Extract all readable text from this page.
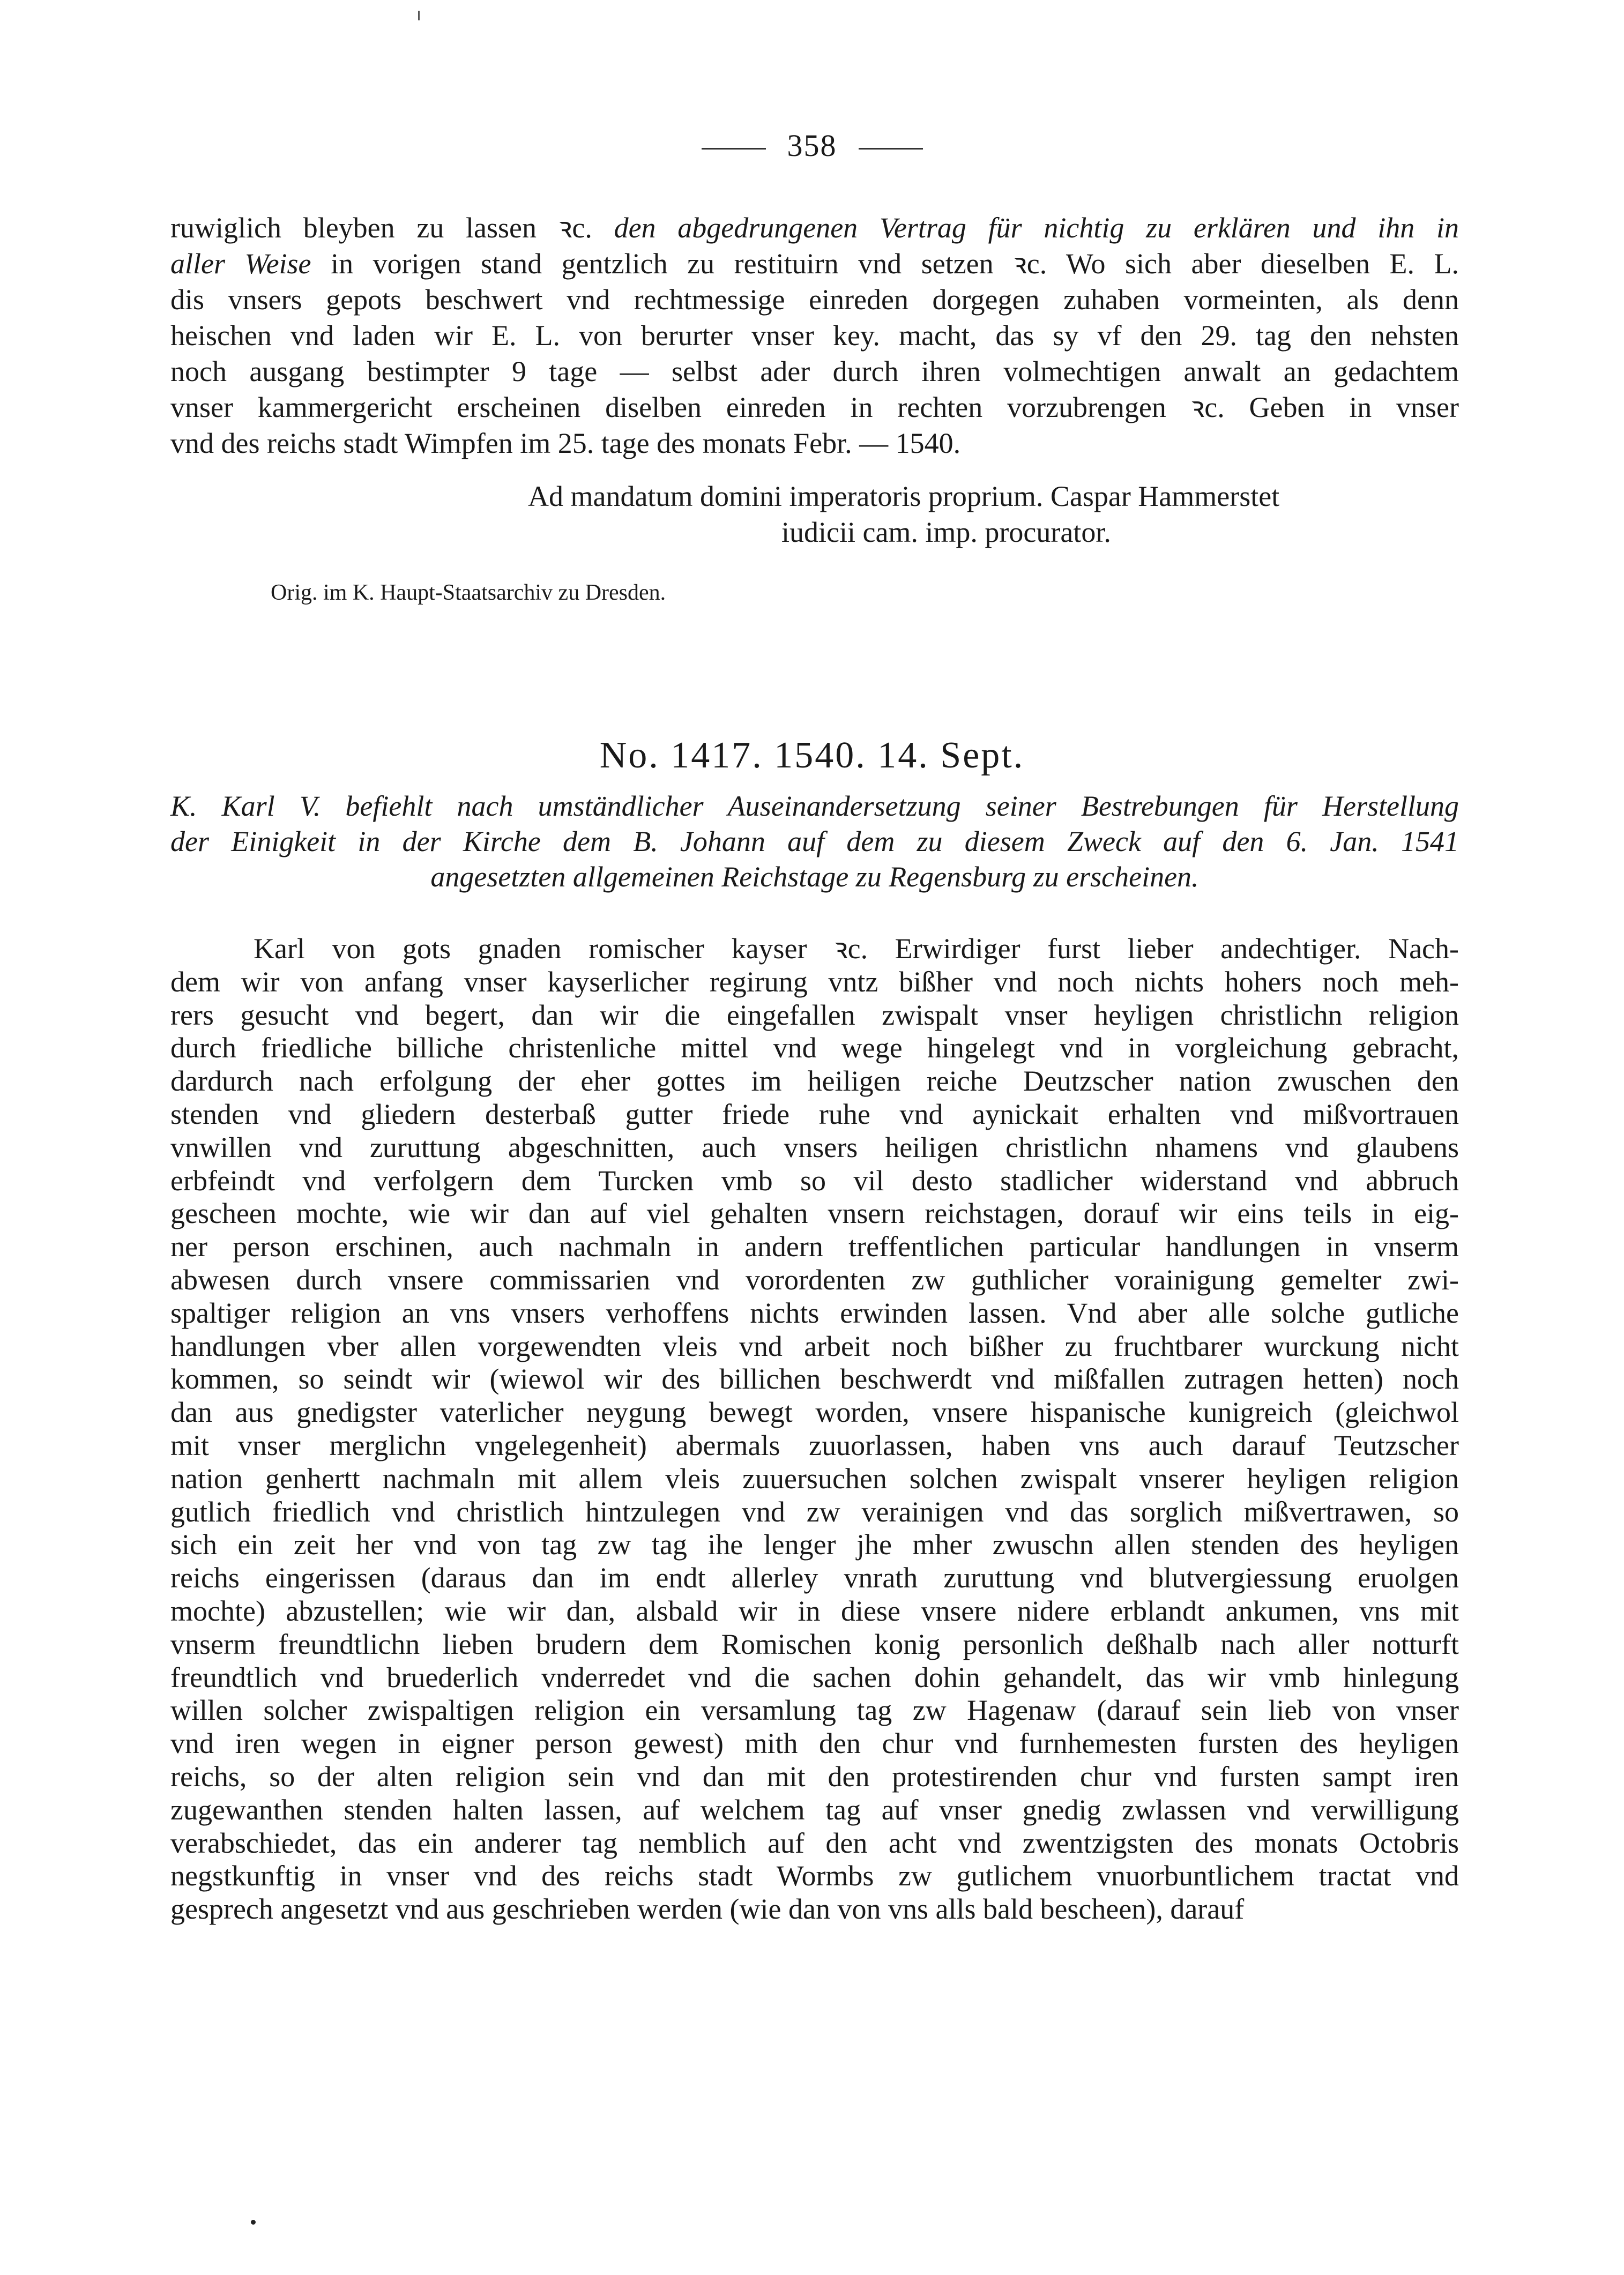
358
ruwiglich bleyben zu lassen ꝛc. den abgedrungenen Vertrag für nichtig zu erklären und ihn in
aller Weise in vorigen stand gentzlich zu restituirn vnd setzen ꝛc. Wo sich aber dieselben E. L.
dis vnsers gepots beschwert vnd rechtmessige einreden dorgegen zuhaben vormeinten, als denn
heischen vnd laden wir E. L. von berurter vnser key. macht, das sy vf den 29. tag den nehsten
noch ausgang bestimpter 9 tage — selbst ader durch ihren volmechtigen anwalt an gedachtem
vnser kammergericht erscheinen diselben einreden in rechten vorzubrengen ꝛc. Geben in vnser
vnd des reichs stadt Wimpfen im 25. tage des monats Febr. — 1540.
Ad mandatum domini imperatoris proprium. Caspar Hammerstet
iudicii cam. imp. procurator.
Orig. im K. Haupt-Staatsarchiv zu Dresden.
No. 1417. 1540. 14. Sept.
K. Karl V. befiehlt nach umständlicher Auseinandersetzung seiner Bestrebungen für Herstellung
der Einigkeit in der Kirche dem B. Johann auf dem zu diesem Zweck auf den 6. Jan. 1541
angesetzten allgemeinen Reichstage zu Regensburg zu erscheinen.
Karl von gots gnaden romischer kayser ꝛc. Erwirdiger furst lieber andechtiger. Nach-
dem wir von anfang vnser kayserlicher regirung vntz bißher vnd noch nichts hohers noch meh-
rers gesucht vnd begert, dan wir die eingefallen zwispalt vnser heyligen christlichn religion
durch friedliche billiche christenliche mittel vnd wege hingelegt vnd in vorgleichung gebracht,
dardurch nach erfolgung der eher gottes im heiligen reiche Deutzscher nation zwuschen den
stenden vnd gliedern desterbaß gutter friede ruhe vnd aynickait erhalten vnd mißvortrauen
vnwillen vnd zuruttung abgeschnitten, auch vnsers heiligen christlichn nhamens vnd glaubens
erbfeindt vnd verfolgern dem Turcken vmb so vil desto stadlicher widerstand vnd abbruch
gescheen mochte, wie wir dan auf viel gehalten vnsern reichstagen, dorauf wir eins teils in eig-
ner person erschinen, auch nachmaln in andern treffentlichen particular handlungen in vnserm
abwesen durch vnsere commissarien vnd vorordenten zw guthlicher vorainigung gemelter zwi-
spaltiger religion an vns vnsers verhoffens nichts erwinden lassen. Vnd aber alle solche gutliche
handlungen vber allen vorgewendten vleis vnd arbeit noch bißher zu fruchtbarer wurckung nicht
kommen, so seindt wir (wiewol wir des billichen beschwerdt vnd mißfallen zutragen hetten) noch
dan aus gnedigster vaterlicher neygung bewegt worden, vnsere hispanische kunigreich (gleichwol
mit vnser merglichn vngelegenheit) abermals zuuorlassen, haben vns auch darauf Teutzscher
nation genhertt nachmaln mit allem vleis zuuersuchen solchen zwispalt vnserer heyligen religion
gutlich friedlich vnd christlich hintzulegen vnd zw verainigen vnd das sorglich mißvertrawen, so
sich ein zeit her vnd von tag zw tag ihe lenger jhe mher zwuschn allen stenden des heyligen
reichs eingerissen (daraus dan im endt allerley vnrath zuruttung vnd blutvergiessung eruolgen
mochte) abzustellen; wie wir dan, alsbald wir in diese vnsere nidere erblandt ankumen, vns mit
vnserm freundtlichn lieben brudern dem Romischen konig personlich deßhalb nach aller notturft
freundtlich vnd bruederlich vnderredet vnd die sachen dohin gehandelt, das wir vmb hinlegung
willen solcher zwispaltigen religion ein versamlung tag zw Hagenaw (darauf sein lieb von vnser
vnd iren wegen in eigner person gewest) mith den chur vnd furnhemesten fursten des heyligen
reichs, so der alten religion sein vnd dan mit den protestirenden chur vnd fursten sampt iren
zugewanthen stenden halten lassen, auf welchem tag auf vnser gnedig zwlassen vnd verwilligung
verabschiedet, das ein anderer tag nemblich auf den acht vnd zwentzigsten des monats Octobris
negstkunftig in vnser vnd des reichs stadt Wormbs zw gutlichem vnuorbuntlichem tractat vnd
gesprech angesetzt vnd aus geschrieben werden (wie dan von vns alls bald bescheen), darauf
